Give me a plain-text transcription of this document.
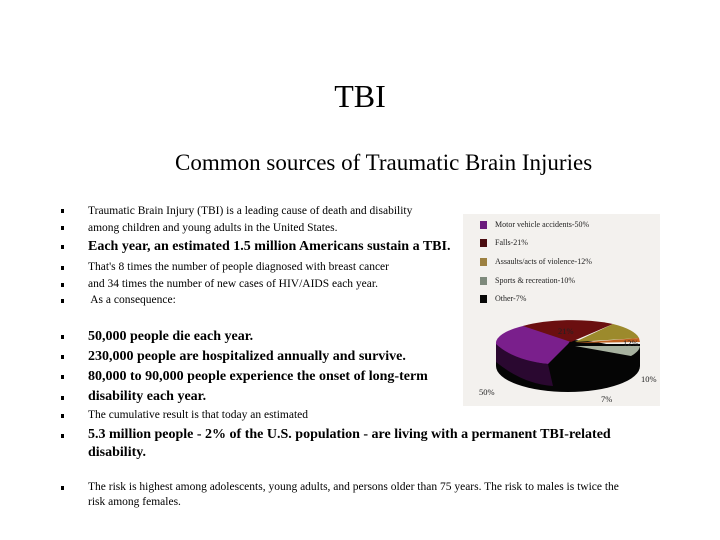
TBI
Common sources of Traumatic Brain Injuries
Traumatic Brain Injury (TBI) is a leading cause of death and disability
among children and young adults in the United States.
Each year, an estimated 1.5 million Americans sustain a TBI.
That's 8 times the number of people diagnosed with breast cancer
and 34 times the number of new cases of HIV/AIDS each year.
As a consequence:
50,000 people die each year.
230,000 people are hospitalized annually and survive.
80,000 to 90,000 people experience the onset of long-term
disability each year.
The cumulative result is that today an estimated
5.3 million people - 2% of the U.S. population - are living with a permanent TBI-related
disability.
The risk is highest among adolescents, young adults, and persons older than 75 years. The risk to males is twice the
risk among females.
Motor vehicle accidents-50%
Falls-21%
Assaults/acts of violence-12%
Sports & recreation-10%
Other-7%
21%
12%
10%
50%
7%
